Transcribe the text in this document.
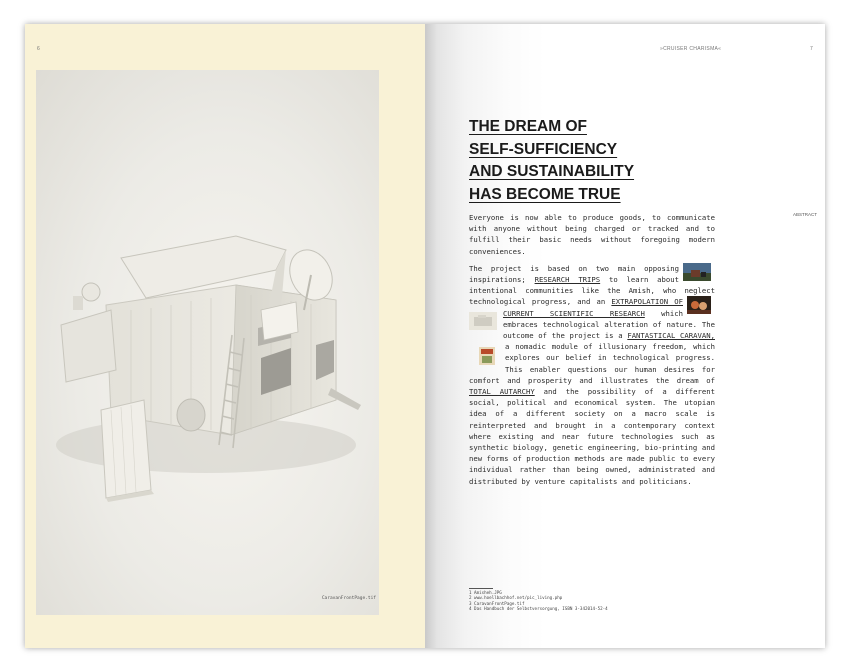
6
CaravanFrontPage.tif
»CRUISER CHARISMA«	7
THE DREAM OF
SELF-SUFFICIENCY
AND SUSTAINABILITY
HAS BECOME TRUE
ABSTRACT

Everyone is now able to produce goods, to communicate with anyone without being charged or tracked and to fulfill their basic needs without foregoing modern conveniences.

The project is based on two main opposing inspirations; RESEARCH TRIPS to learn about intentional communities like the Amish, who neglect technological progress, and an EXTRAPOLATION OF CURRENT SCIENTIFIC RESEARCH which embraces technological alteration of nature. The outcome of the project is a FANTASTICAL CARAVAN,
a nomadic module of illusionary freedom, which explores our belief in technological progress. This enabler questions our human desires for comfort and prosperity and illustrates the dream of TOTAL AUTARCHY and the possibility of a different social, political and economical system. The utopian idea of a different society on a macro scale is reinterpreted and brought in a contemporary context where existing and near future technologies such as synthetic biology, genetic engineering, bio-printing and new forms of production methods are made public to every individual rather than being owned, administrated and distributed by venture capitalists and politicians.

1 Amisheh.JPG
2 www.hoellbachhof.net/pic_living.php
3 CaravanFrontPage.tif
4 Das Handbuch der Selbstversorgung, ISBN 3-342014-52-4
